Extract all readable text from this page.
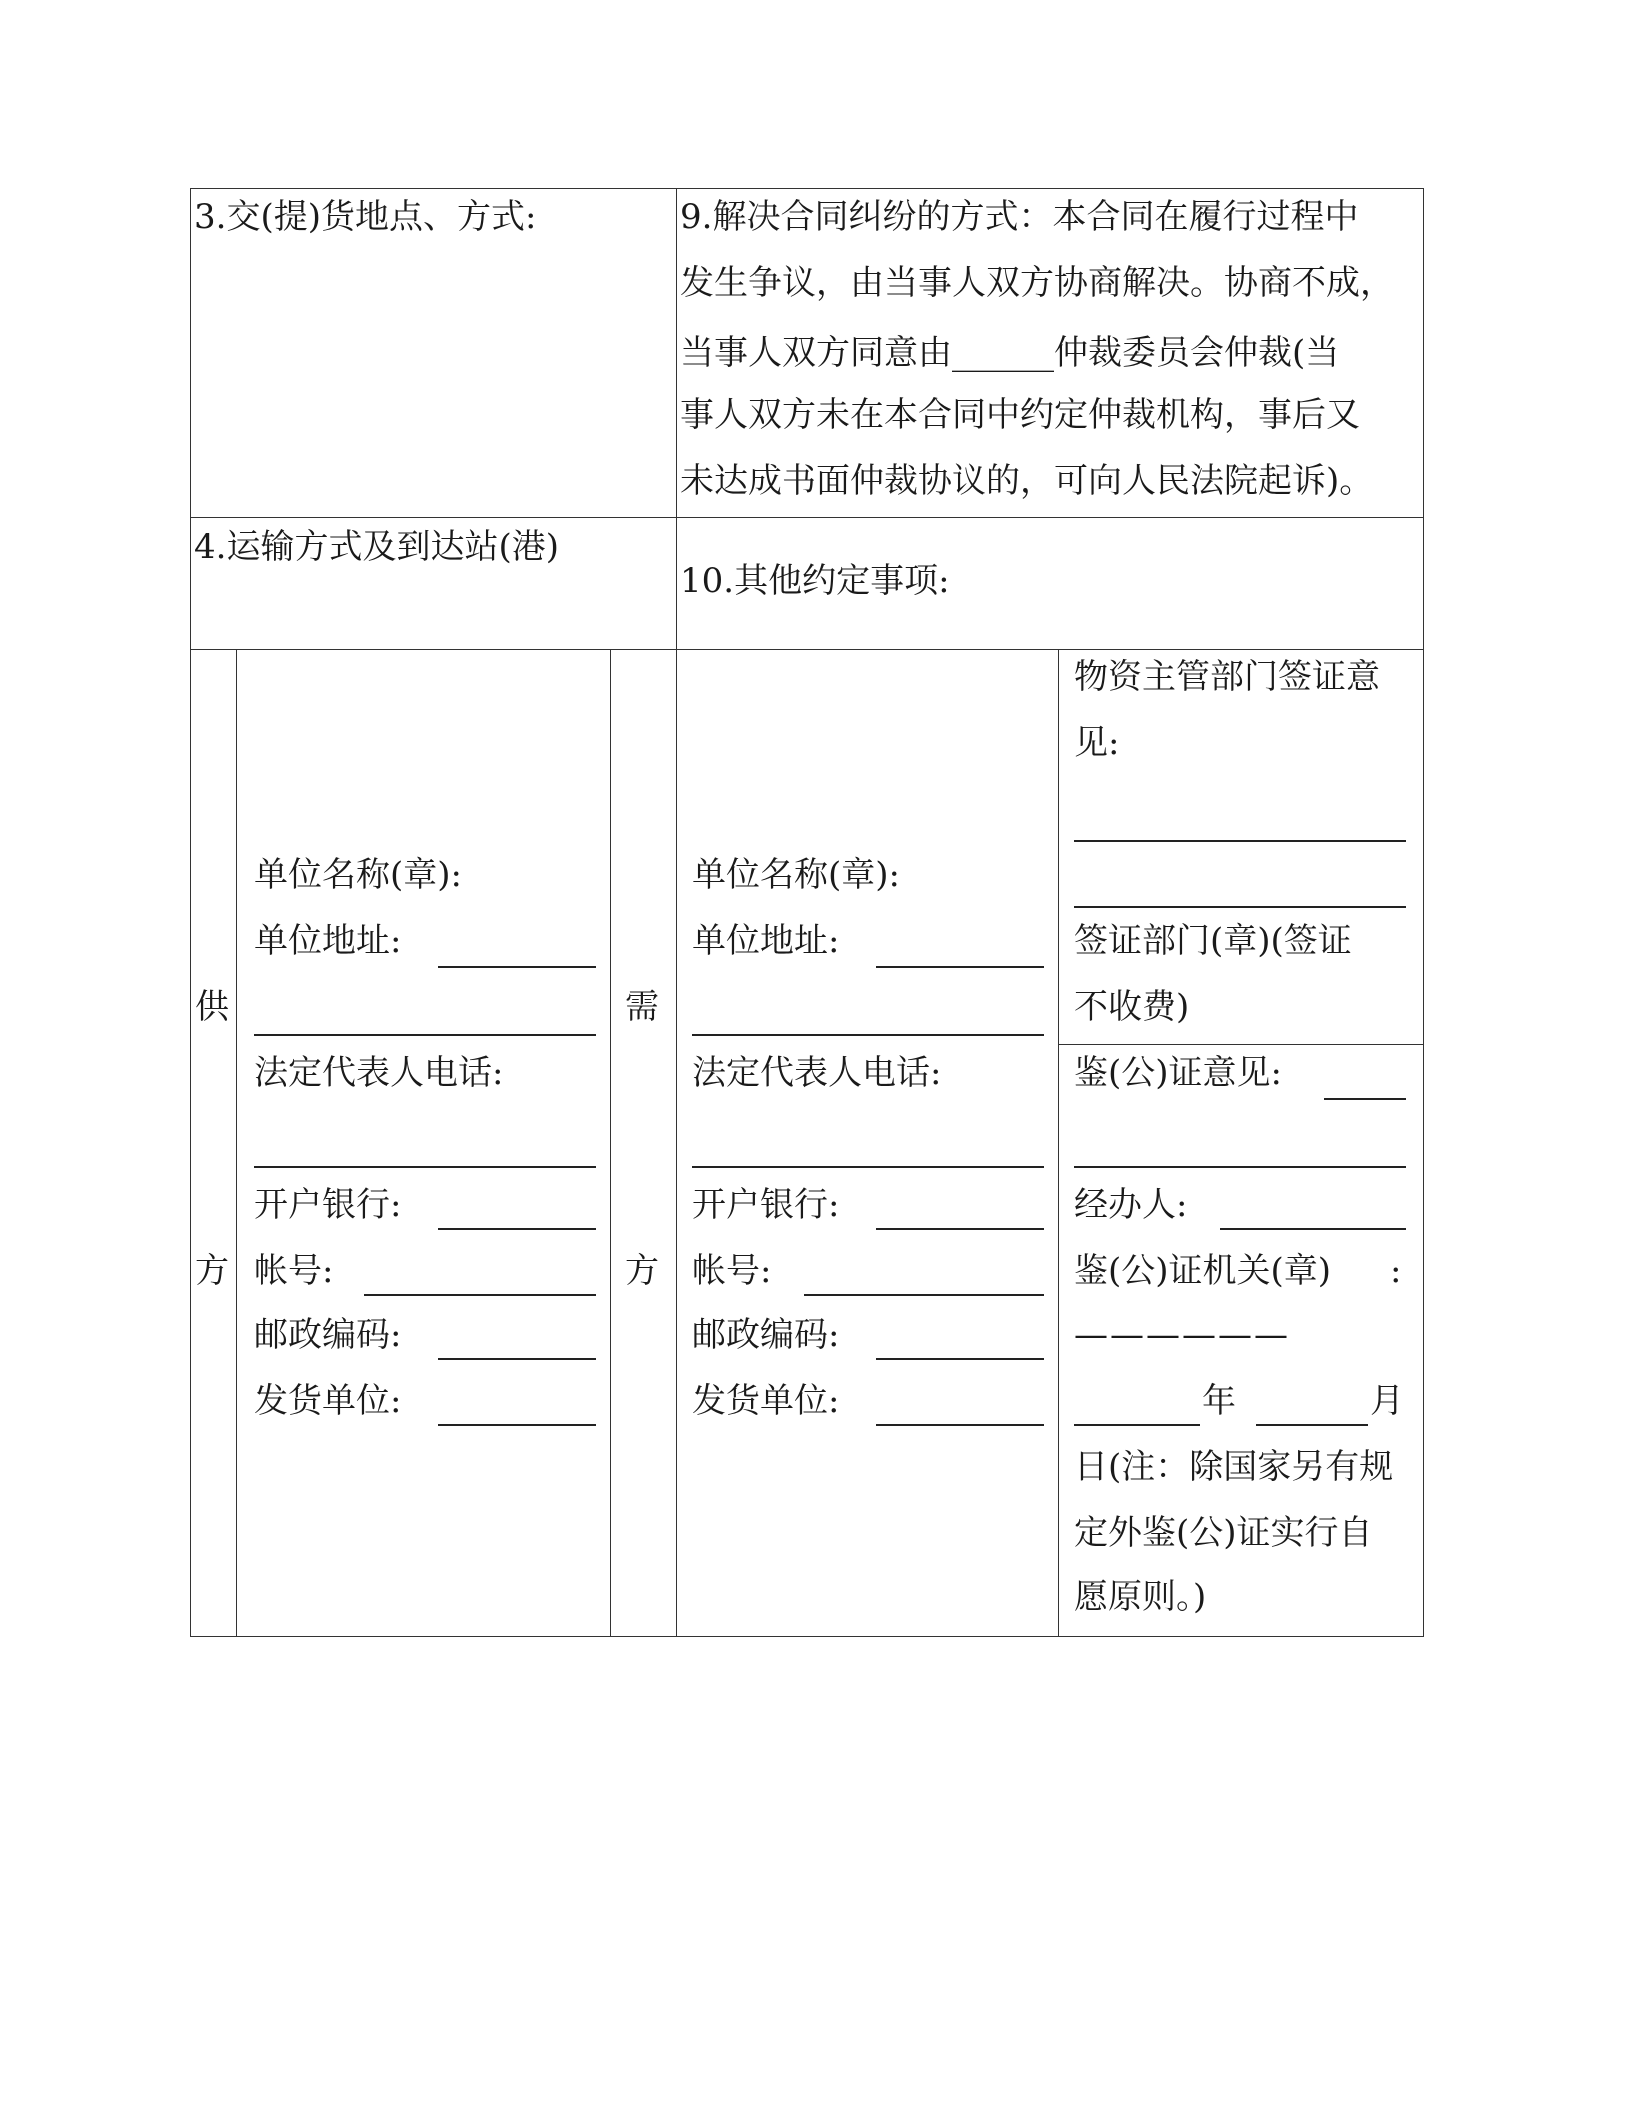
3.交(提)货地点、方式:	9.解决合同纠纷的方式：本合同在履行过程中
发生争议，由当事人双方协商解决。协商不成，
当事人双方同意由______仲裁委员会仲裁(当
事人双方未在本合同中约定仲裁机构，事后又
未达成书面仲裁协议的，可向人民法院起诉)。
4.运输方式及到达站(港)
10.其他约定事项:
供
方
单位名称(章):
单位地址:
法定代表人电话:
开户银行:
帐号:
邮政编码:
发货单位:
需
方
单位名称(章):
单位地址:
法定代表人电话:
开户银行:
帐号:
邮政编码:
发货单位:
物资主管部门签证意
见:
签证部门(章)(签证
不收费)
鉴(公)证意见:
经办人:
鉴(公)证机关(章) :
——————
年	月
日(注：除国家另有规
定外鉴(公)证实行自
愿原则。)
